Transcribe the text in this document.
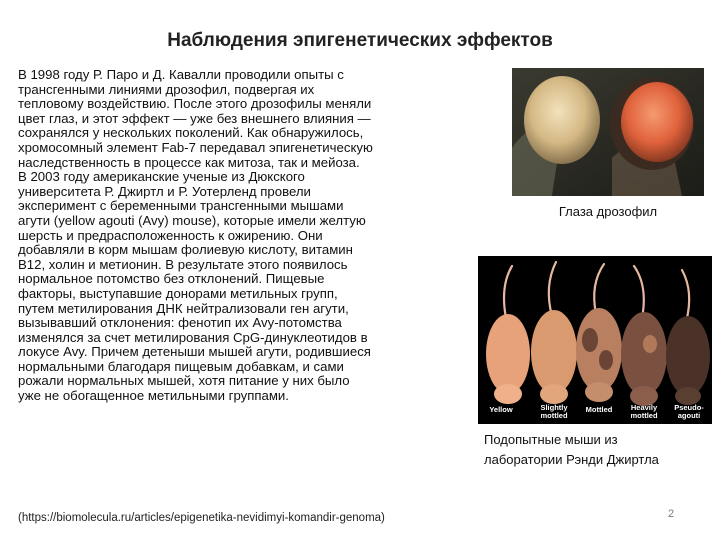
Наблюдения эпигенетических эффектов

В 1998 году Р. Паро и Д. Кавалли проводили опыты с

трансгенными линиями дрозофил, подвергая их

тепловому воздействию. После этого дрозофилы меняли

цвет глаз, и этот эффект — уже без внешнего влияния —

сохранялся у нескольких поколений. Как обнаружилось,

хромосомный элемент Fab-7 передавал эпигенетическую

наследственность в процессе как митоза, так и мейоза.

В 2003 году американские ученые из Дюкского

университета Р. Джиртл и Р. Уотерленд провели

эксперимент с беременными трансгенными мышами

агути (yellow agouti (Avy) mouse), которые имели желтую

шерсть и предрасположенность к ожирению. Они

добавляли в корм мышам фолиевую кислоту, витамин

B12, холин и метионин. В результате этого появилось

нормальное потомство без отклонений. Пищевые

факторы, выступавшие донорами метильных групп,

путем метилирования ДНК нейтрализовали ген агути,

вызывавший отклонения: фенотип их Avy-потомства

изменялся за счет метилирования CpG-динуклеотидов в

локусе Avy. Причем детеныши мышей агути, родившиеся

нормальными благодаря пищевым добавкам, и сами

рожали нормальных мышей, хотя питание у них было

уже не обогащенное метильными группами.

Глаза дрозофил
Yellow	Slightly
mottled
Mottled	Heavily
mottled
Pseudo-
agouti
Подопытные мыши из
лаборатории Рэнди Джиртла
(https://biomolecula.ru/articles/epigenetika-nevidimyi-komandir-genoma)	2
